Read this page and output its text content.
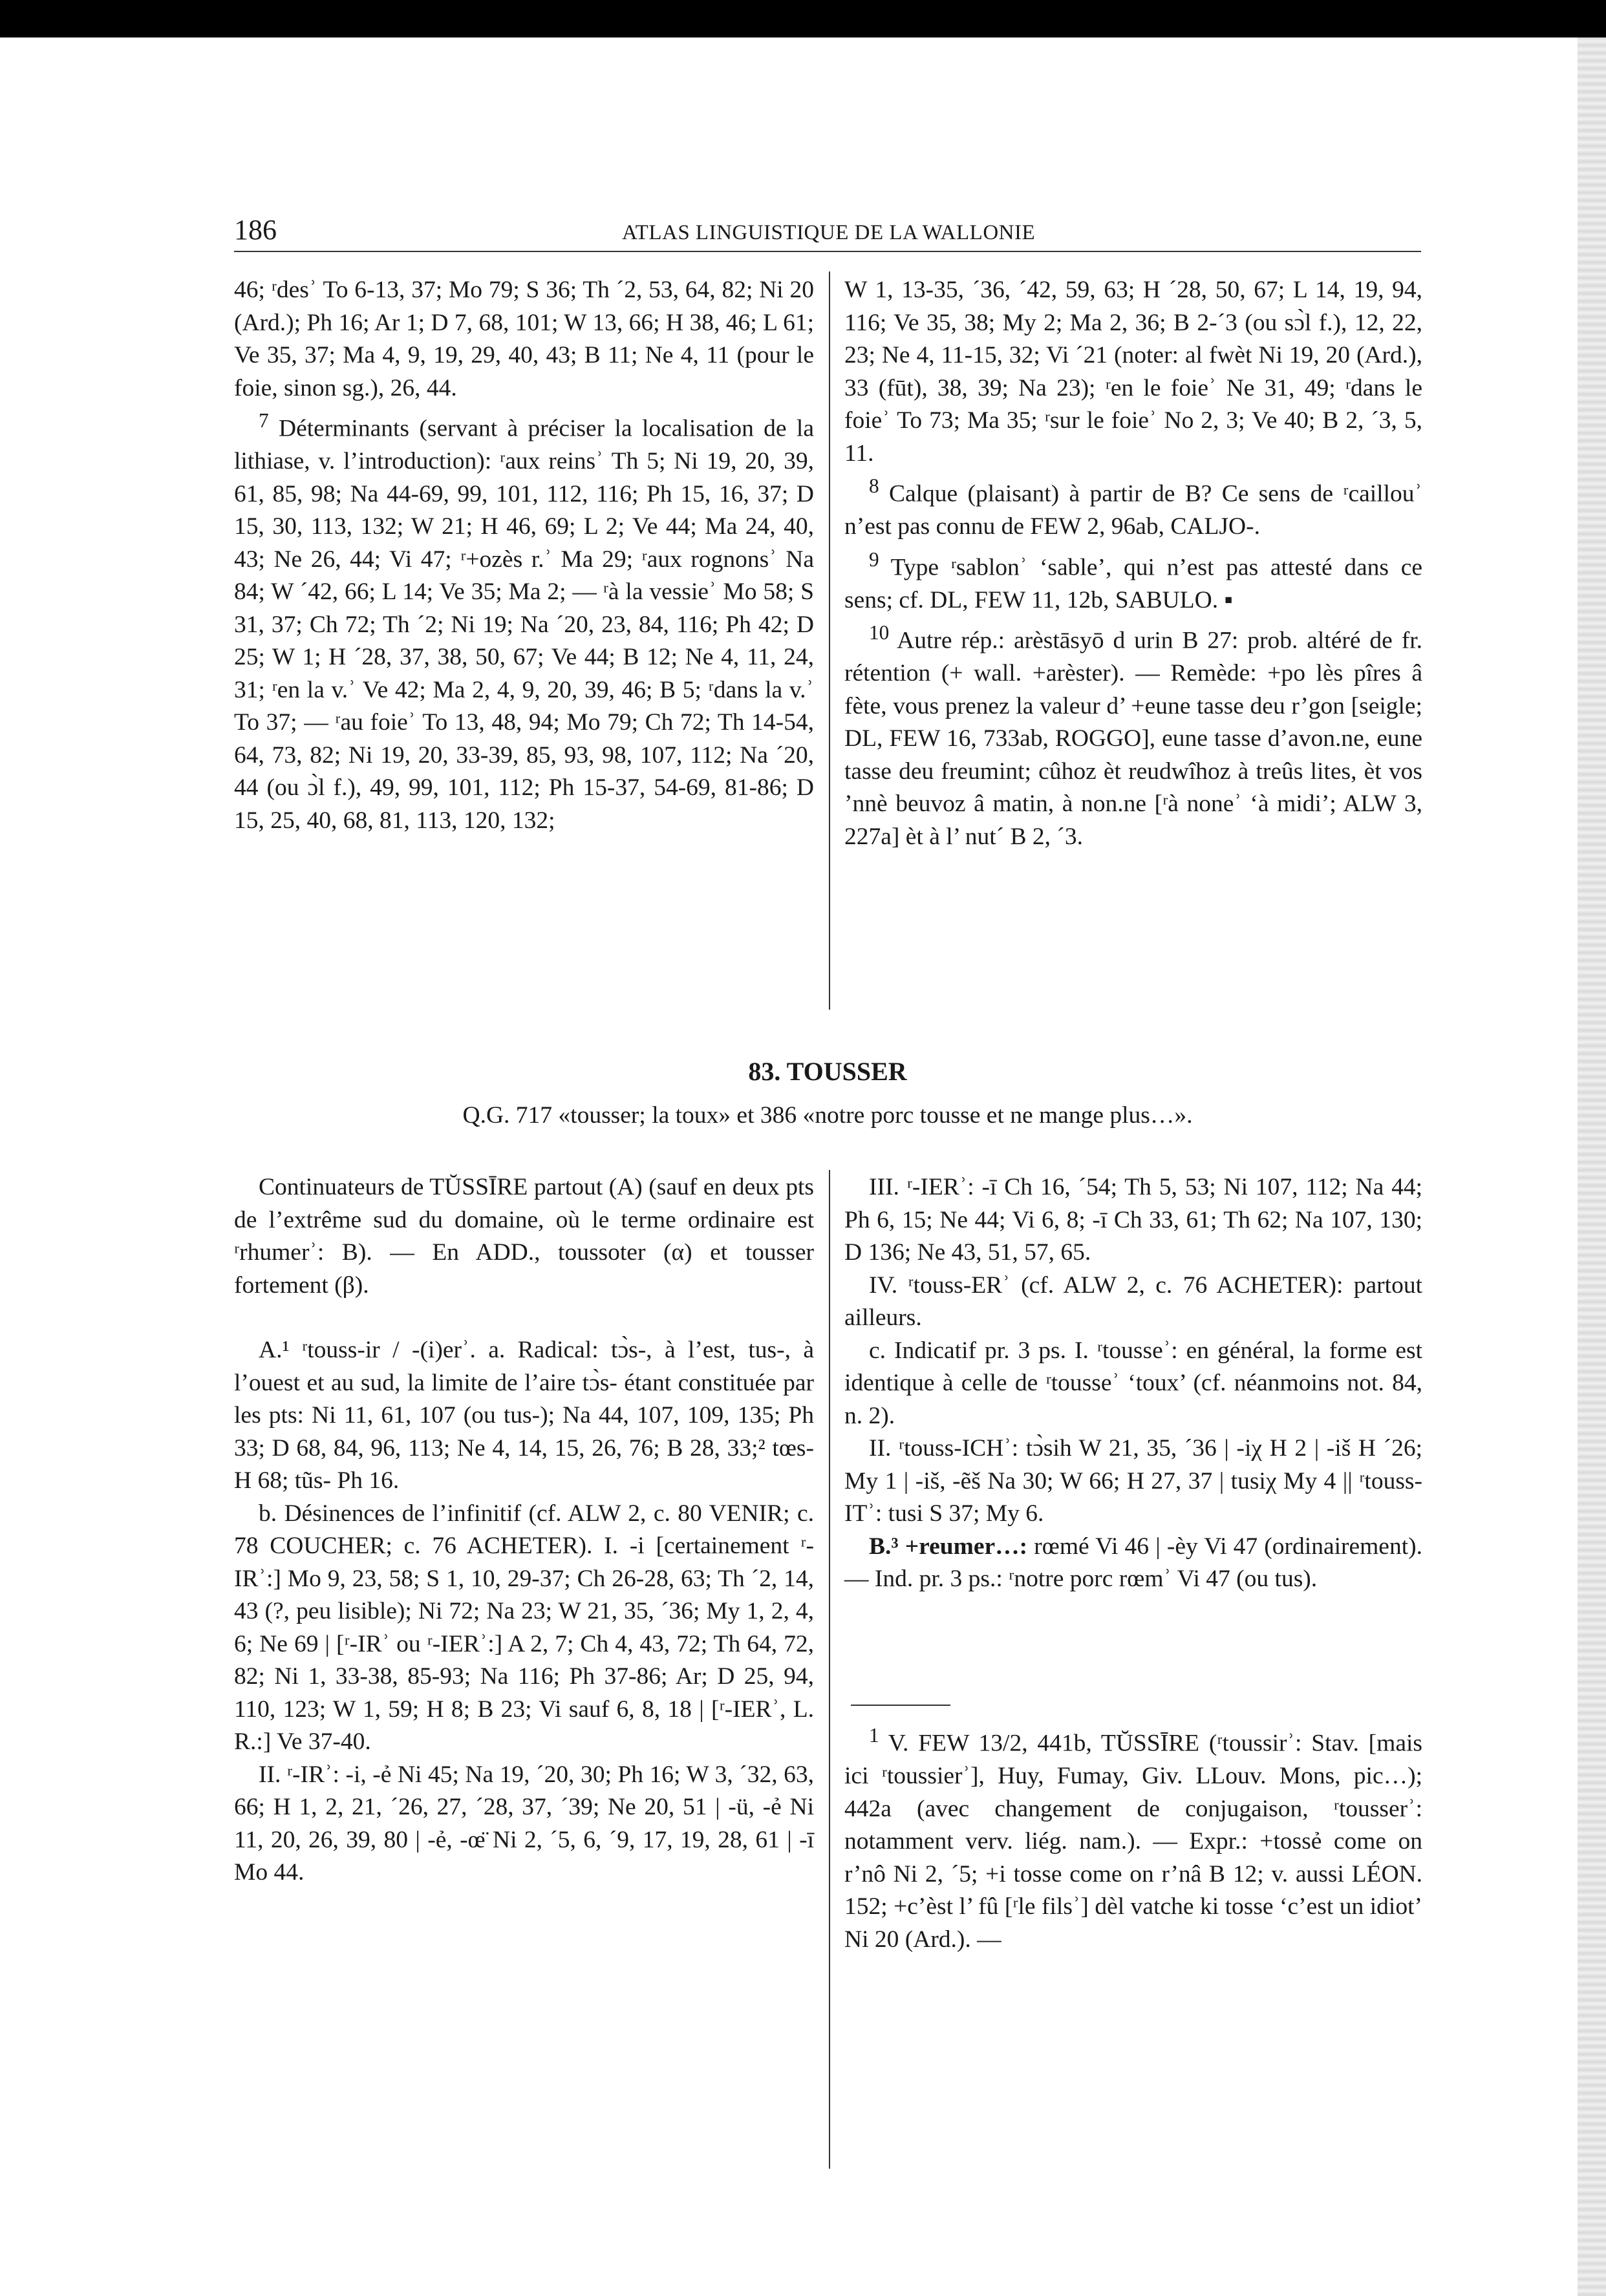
186	ATLAS LINGUISTIQUE DE LA WALLONIE

46; ʳdesʾ To 6-13, 37; Mo 79; S 36; Th ´2, 53, 64, 82; Ni 20 (Ard.); Ph 16; Ar 1; D 7, 68, 101; W 13, 66; H 38, 46; L 61; Ve 35, 37; Ma 4, 9, 19, 29, 40, 43; B 11; Ne 4, 11 (pour le foie, sinon sg.), 26, 44.

$^7$ Déterminants (servant à préciser la localisation de la lithiase, v. l’introduction): ʳaux reinsʾ Th 5; Ni 19, 20, 39, 61, 85, 98; Na 44-69, 99, 101, 112, 116; Ph 15, 16, 37; D 15, 30, 113, 132; W 21; H 46, 69; L 2; Ve 44; Ma 24, 40, 43; Ne 26, 44; Vi 47; ʳ+ozès r.ʾ Ma 29; ʳaux rognonsʾ Na 84; W ´42, 66; L 14; Ve 35; Ma 2; — ʳà la vessieʾ Mo 58; S 31, 37; Ch 72; Th ´2; Ni 19; Na ´20, 23, 84, 116; Ph 42; D 25; W 1; H ´28, 37, 38, 50, 67; Ve 44; B 12; Ne 4, 11, 24, 31; ʳen la v.ʾ Ve 42; Ma 2, 4, 9, 20, 39, 46; B 5; ʳdans la v.ʾ To 37; — ʳau foieʾ To 13, 48, 94; Mo 79; Ch 72; Th 14-54, 64, 73, 82; Ni 19, 20, 33-39, 85, 93, 98, 107, 112; Na ´20, 44 (ou ɔ̀l f.), 49, 99, 101, 112; Ph 15-37, 54-69, 81-86; D 15, 25, 40, 68, 81, 113, 120, 132;

W 1, 13-35, ´36, ´42, 59, 63; H ´28, 50, 67; L 14, 19, 94, 116; Ve 35, 38; My 2; Ma 2, 36; B 2-´3 (ou sɔ̀l f.), 12, 22, 23; Ne 4, 11-15, 32; Vi ´21 (noter: al fwèt Ni 19, 20 (Ard.), 33 (fūt), 38, 39; Na 23); ʳen le foieʾ Ne 31, 49; ʳdans le foieʾ To 73; Ma 35; ʳsur le foieʾ No 2, 3; Ve 40; B 2, ´3, 5, 11.

$^8$ Calque (plaisant) à partir de B? Ce sens de ʳcaillouʾ n’est pas connu de FEW 2, 96ab, CALJO-.

$^9$ Type ʳsablonʾ ‘sable’, qui n’est pas attesté dans ce sens; cf. DL, FEW 11, 12b, SABULO. ▪

$^{10}$ Autre rép.: arèstāsyō d urin B 27: prob. altéré de fr. rétention (+ wall. +arèster). — Remède: +po lès pîres â fète, vous prenez la valeur d’ +eune tasse deu r’gon [seigle; DL, FEW 16, 733ab, ROGGO], eune tasse d’avon.ne, eune tasse deu freumint; cûhoz èt reudwîhoz à treûs lites, èt vos ’nnè beuvoz â matin, à non.ne [ʳà noneʾ ‘à midi’; ALW 3, 227a] èt à l’ nut´ B 2, ´3.

83. TOUSSER
Q.G. 717 «tousser; la toux» et 386 «notre porc tousse et ne mange plus…».

Continuateurs de TŬSSĪRE partout (A) (sauf en deux pts de l’extrême sud du domaine, où le terme ordinaire est ʳrhumerʾ: B). — En ADD., toussoter (α) et tousser fortement (β).

A.¹ ʳtouss-ir / -(i)erʾ. a. Radical: tɔ̀s-, à l’est, tus-, à l’ouest et au sud, la limite de l’aire tɔ̀s- étant constituée par les pts: Ni 11, 61, 107 (ou tus-); Na 44, 107, 109, 135; Ph 33; D 68, 84, 96, 113; Ne 4, 14, 15, 26, 76; B 28, 33;² tœs- H 68; tũs- Ph 16.

b. Désinences de l’infinitif (cf. ALW 2, c. 80 VENIR; c. 78 COUCHER; c. 76 ACHETER). I. -i [certainement ʳ-IRʾ:] Mo 9, 23, 58; S 1, 10, 29-37; Ch 26-28, 63; Th ´2, 14, 43 (?, peu lisible); Ni 72; Na 23; W 21, 35, ´36; My 1, 2, 4, 6; Ne 69 | [ʳ-IRʾ ou ʳ-IERʾ:] A 2, 7; Ch 4, 43, 72; Th 64, 72, 82; Ni 1, 33-38, 85-93; Na 116; Ph 37-86; Ar; D 25, 94, 110, 123; W 1, 59; H 8; B 23; Vi sauf 6, 8, 18 | [ʳ-IERʾ, L. R.:] Ve 37-40.

II. ʳ-IRʾ: -i, -ẻ Ni 45; Na 19, ´20, 30; Ph 16; W 3, ´32, 63, 66; H 1, 2, 21, ´26, 27, ´28, 37, ´39; Ne 20, 51 | -ü, -ẻ Ni 11, 20, 26, 39, 80 | -ẻ, -œ̈ Ni 2, ´5, 6, ´9, 17, 19, 28, 61 | -ī Mo 44.

III. ʳ-IERʾ: -ī Ch 16, ´54; Th 5, 53; Ni 107, 112; Na 44; Ph 6, 15; Ne 44; Vi 6, 8; -ī Ch 33, 61; Th 62; Na 107, 130; D 136; Ne 43, 51, 57, 65.

IV. ʳtouss-ERʾ (cf. ALW 2, c. 76 ACHETER): partout ailleurs.

c. Indicatif pr. 3 ps. I. ʳtousseʾ: en général, la forme est identique à celle de ʳtousseʾ ‘toux’ (cf. néanmoins not. 84, n. 2).

II. ʳtouss-ICHʾ: tɔ̀sih W 21, 35, ´36 | -iχ H 2 | -iš H ´26; My 1 | -iš, -ẽš Na 30; W 66; H 27, 37 | tusiχ My 4 || ʳtouss-ITʾ: tusi S 37; My 6.

B.³ +reumer…: rœmé Vi 46 | -èy Vi 47 (ordinairement). — Ind. pr. 3 ps.: ʳnotre porc rœmʾ Vi 47 (ou tus).

$^1$ V. FEW 13/2, 441b, TŬSSĪRE (ʳtoussirʾ: Stav. [mais ici ʳtoussierʾ], Huy, Fumay, Giv. LLouv. Mons, pic…); 442a (avec changement de conjugaison, ʳtousserʾ: notamment verv. liég. nam.). — Expr.: +tossẻ come on r’nô Ni 2, ´5; +i tosse come on r’nâ B 12; v. aussi LÉON. 152; +c’èst l’ fû [ʳle filsʾ] dèl vatche ki tosse ‘c’est un idiot’ Ni 20 (Ard.). —
